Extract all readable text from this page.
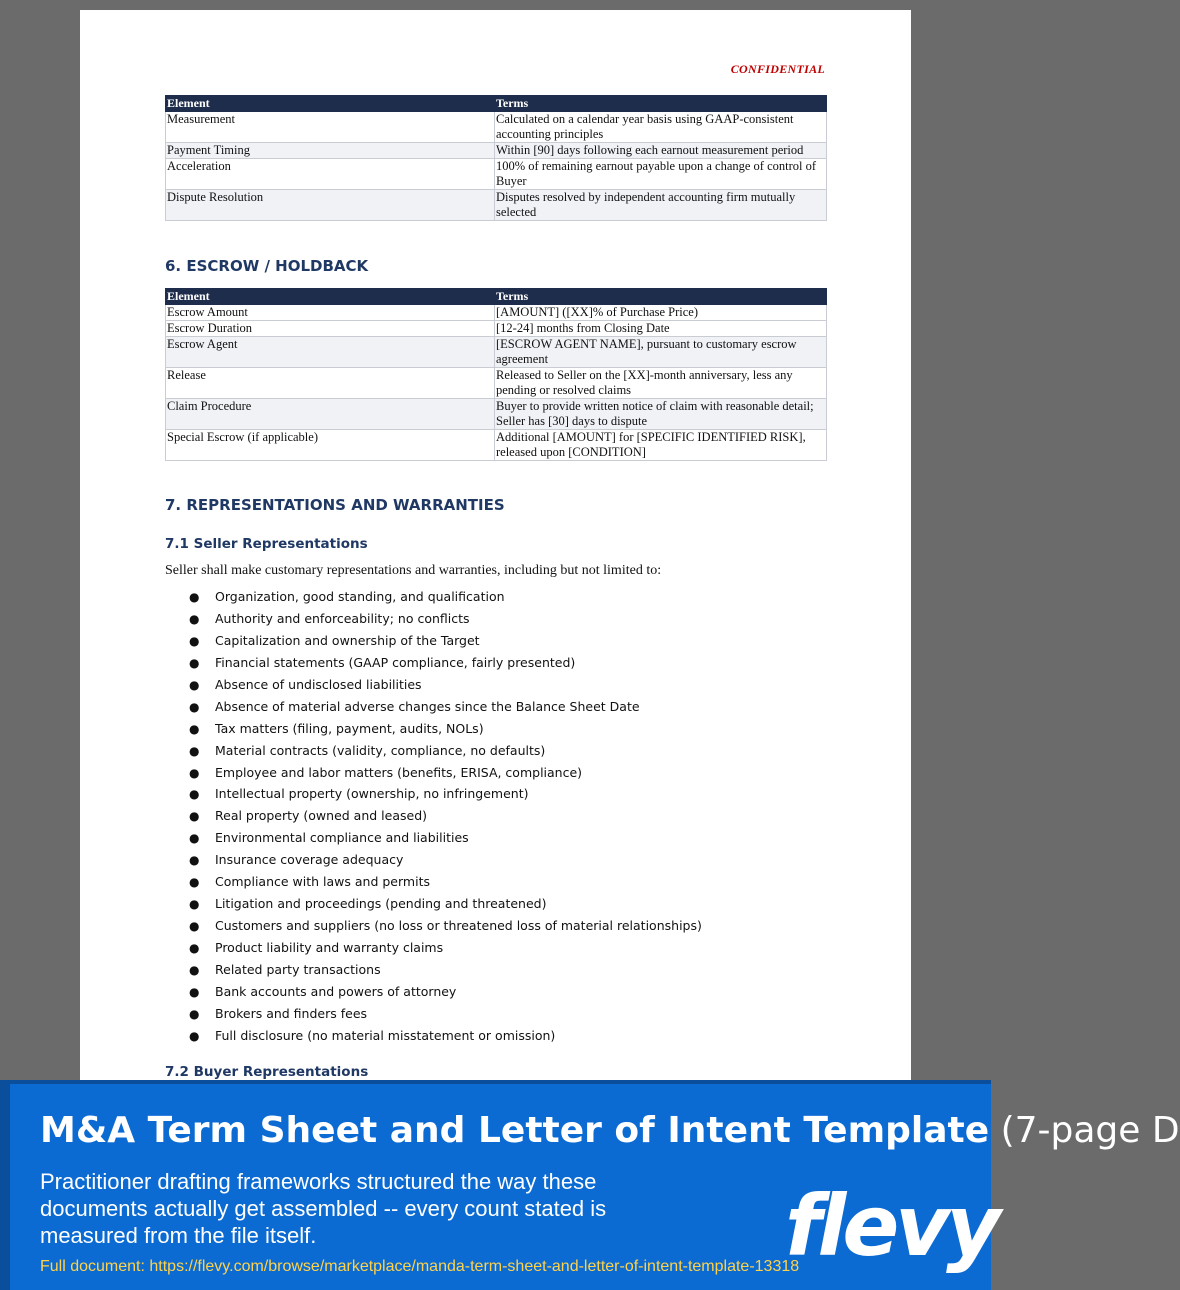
CONFIDENTIAL
Element	Terms
Measurement	Calculated on a calendar year basis using GAAP-consistent accounting principles
Payment Timing	Within [90] days following each earnout measurement period
Acceleration	100% of remaining earnout payable upon a change of control of Buyer
Dispute Resolution	Disputes resolved by independent accounting firm mutually selected
6. ESCROW / HOLDBACK
Element	Terms
Escrow Amount	[AMOUNT] ([XX]% of Purchase Price)
Escrow Duration	[12-24] months from Closing Date
Escrow Agent	[ESCROW AGENT NAME], pursuant to customary escrow agreement
Release	Released to Seller on the [XX]-month anniversary, less any pending or resolved claims
Claim Procedure	Buyer to provide written notice of claim with reasonable detail; Seller has [30] days to dispute
Special Escrow (if applicable)	Additional [AMOUNT] for [SPECIFIC IDENTIFIED RISK], released upon [CONDITION]
7. REPRESENTATIONS AND WARRANTIES
7.1 Seller Representations
Seller shall make customary representations and warranties, including but not limited to:
● Organization, good standing, and qualification
● Authority and enforceability; no conflicts
● Capitalization and ownership of the Target
● Financial statements (GAAP compliance, fairly presented)
● Absence of undisclosed liabilities
● Absence of material adverse changes since the Balance Sheet Date
● Tax matters (filing, payment, audits, NOLs)
● Material contracts (validity, compliance, no defaults)
● Employee and labor matters (benefits, ERISA, compliance)
● Intellectual property (ownership, no infringement)
● Real property (owned and leased)
● Environmental compliance and liabilities
● Insurance coverage adequacy
● Compliance with laws and permits
● Litigation and proceedings (pending and threatened)
● Customers and suppliers (no loss or threatened loss of material relationships)
● Product liability and warranty claims
● Related party transactions
● Bank accounts and powers of attorney
● Brokers and finders fees
● Full disclosure (no material misstatement or omission)
7.2 Buyer Representations
M&A Term Sheet and Letter of Intent Template (7-page D
Practitioner drafting frameworks structured the way these documents actually get assembled -- every count stated is measured from the file itself.
Full document: https://flevy.com/browse/marketplace/manda-term-sheet-and-letter-of-intent-template-13318
flevy
